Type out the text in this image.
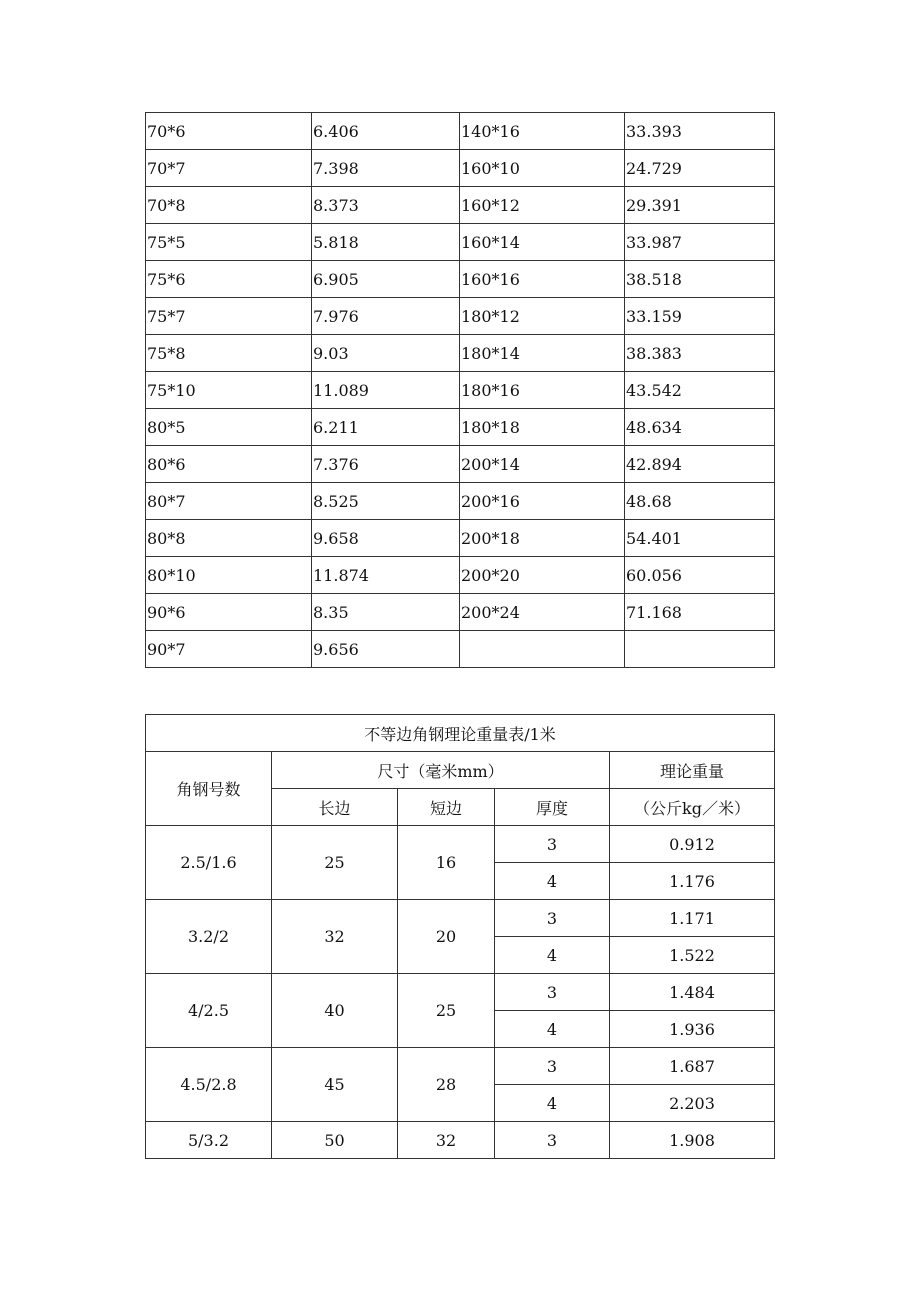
70*6	6.406	140*16	33.393
70*7	7.398	160*10	24.729
70*8	8.373	160*12	29.391
75*5	5.818	160*14	33.987
75*6	6.905	160*16	38.518
75*7	7.976	180*12	33.159
75*8	9.03	180*14	38.383
75*10	11.089	180*16	43.542
80*5	6.211	180*18	48.634
80*6	7.376	200*14	42.894
80*7	8.525	200*16	48.68
80*8	9.658	200*18	54.401
80*10	11.874	200*20	60.056
90*6	8.35	200*24	71.168
90*7	9.656		
不等边角钢理论重量表/1米				
角钢号数	尺寸（毫米mm）			理论重量
	长边	短边	厚度	（公斤kg／米）
2.5/1.6	25	16	3	0.912
			4	1.176
3.2/2	32	20	3	1.171
			4	1.522
4/2.5	40	25	3	1.484
			4	1.936
4.5/2.8	45	28	3	1.687
			4	2.203
5/3.2	50	32	3	1.908
